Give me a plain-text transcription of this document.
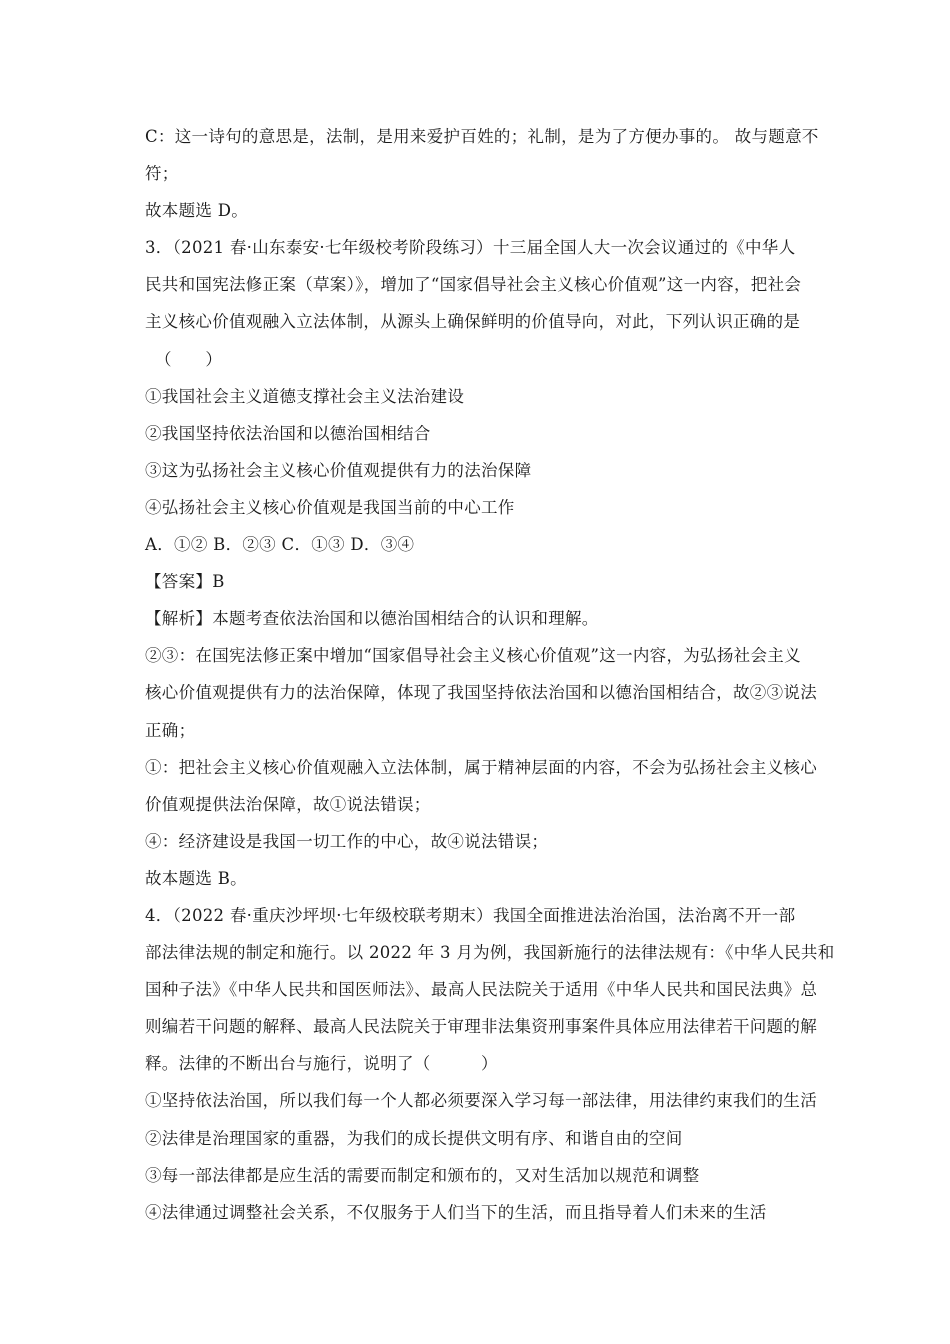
C：这一诗句的意思是，法制，是用来爱护百姓的；礼制，是为了方便办事的。 故与题意不
符；
故本题选 D。
3．（2021 春·山东泰安·七年级校考阶段练习）十三届全国人大一次会议通过的《中华人
民共和国宪法修正案（草案）》，增加了“国家倡导社会主义核心价值观”这一内容，把社会
主义核心价值观融入立法体制，从源头上确保鲜明的价值导向，对此，下列认识正确的是
（　　）
①我国社会主义道德支撑社会主义法治建设
②我国坚持依法治国和以德治国相结合
③这为弘扬社会主义核心价值观提供有力的法治保障
④弘扬社会主义核心价值观是我国当前的中心工作
A．①② B．②③ C．①③ D．③④
【答案】B
【解析】本题考查依法治国和以德治国相结合的认识和理解。
②③：在国宪法修正案中增加“国家倡导社会主义核心价值观”这一内容，为弘扬社会主义
核心价值观提供有力的法治保障，体现了我国坚持依法治国和以德治国相结合，故②③说法
正确；
①：把社会主义核心价值观融入立法体制，属于精神层面的内容，不会为弘扬社会主义核心
价值观提供法治保障，故①说法错误；
④：经济建设是我国一切工作的中心，故④说法错误；
故本题选 B。
4．（2022 春·重庆沙坪坝·七年级校联考期末）我国全面推进法治治国，法治离不开一部
部法律法规的制定和施行。以 2022 年 3 月为例，我国新施行的法律法规有：《中华人民共和
国种子法》《中华人民共和国医师法》、最高人民法院关于适用《中华人民共和国民法典》总
则编若干问题的解释、最高人民法院关于审理非法集资刑事案件具体应用法律若干问题的解
释。法律的不断出台与施行，说明了（　　　）
①坚持依法治国，所以我们每一个人都必须要深入学习每一部法律，用法律约束我们的生活
②法律是治理国家的重器，为我们的成长提供文明有序、和谐自由的空间
③每一部法律都是应生活的需要而制定和颁布的，又对生活加以规范和调整
④法律通过调整社会关系，不仅服务于人们当下的生活，而且指导着人们未来的生活
